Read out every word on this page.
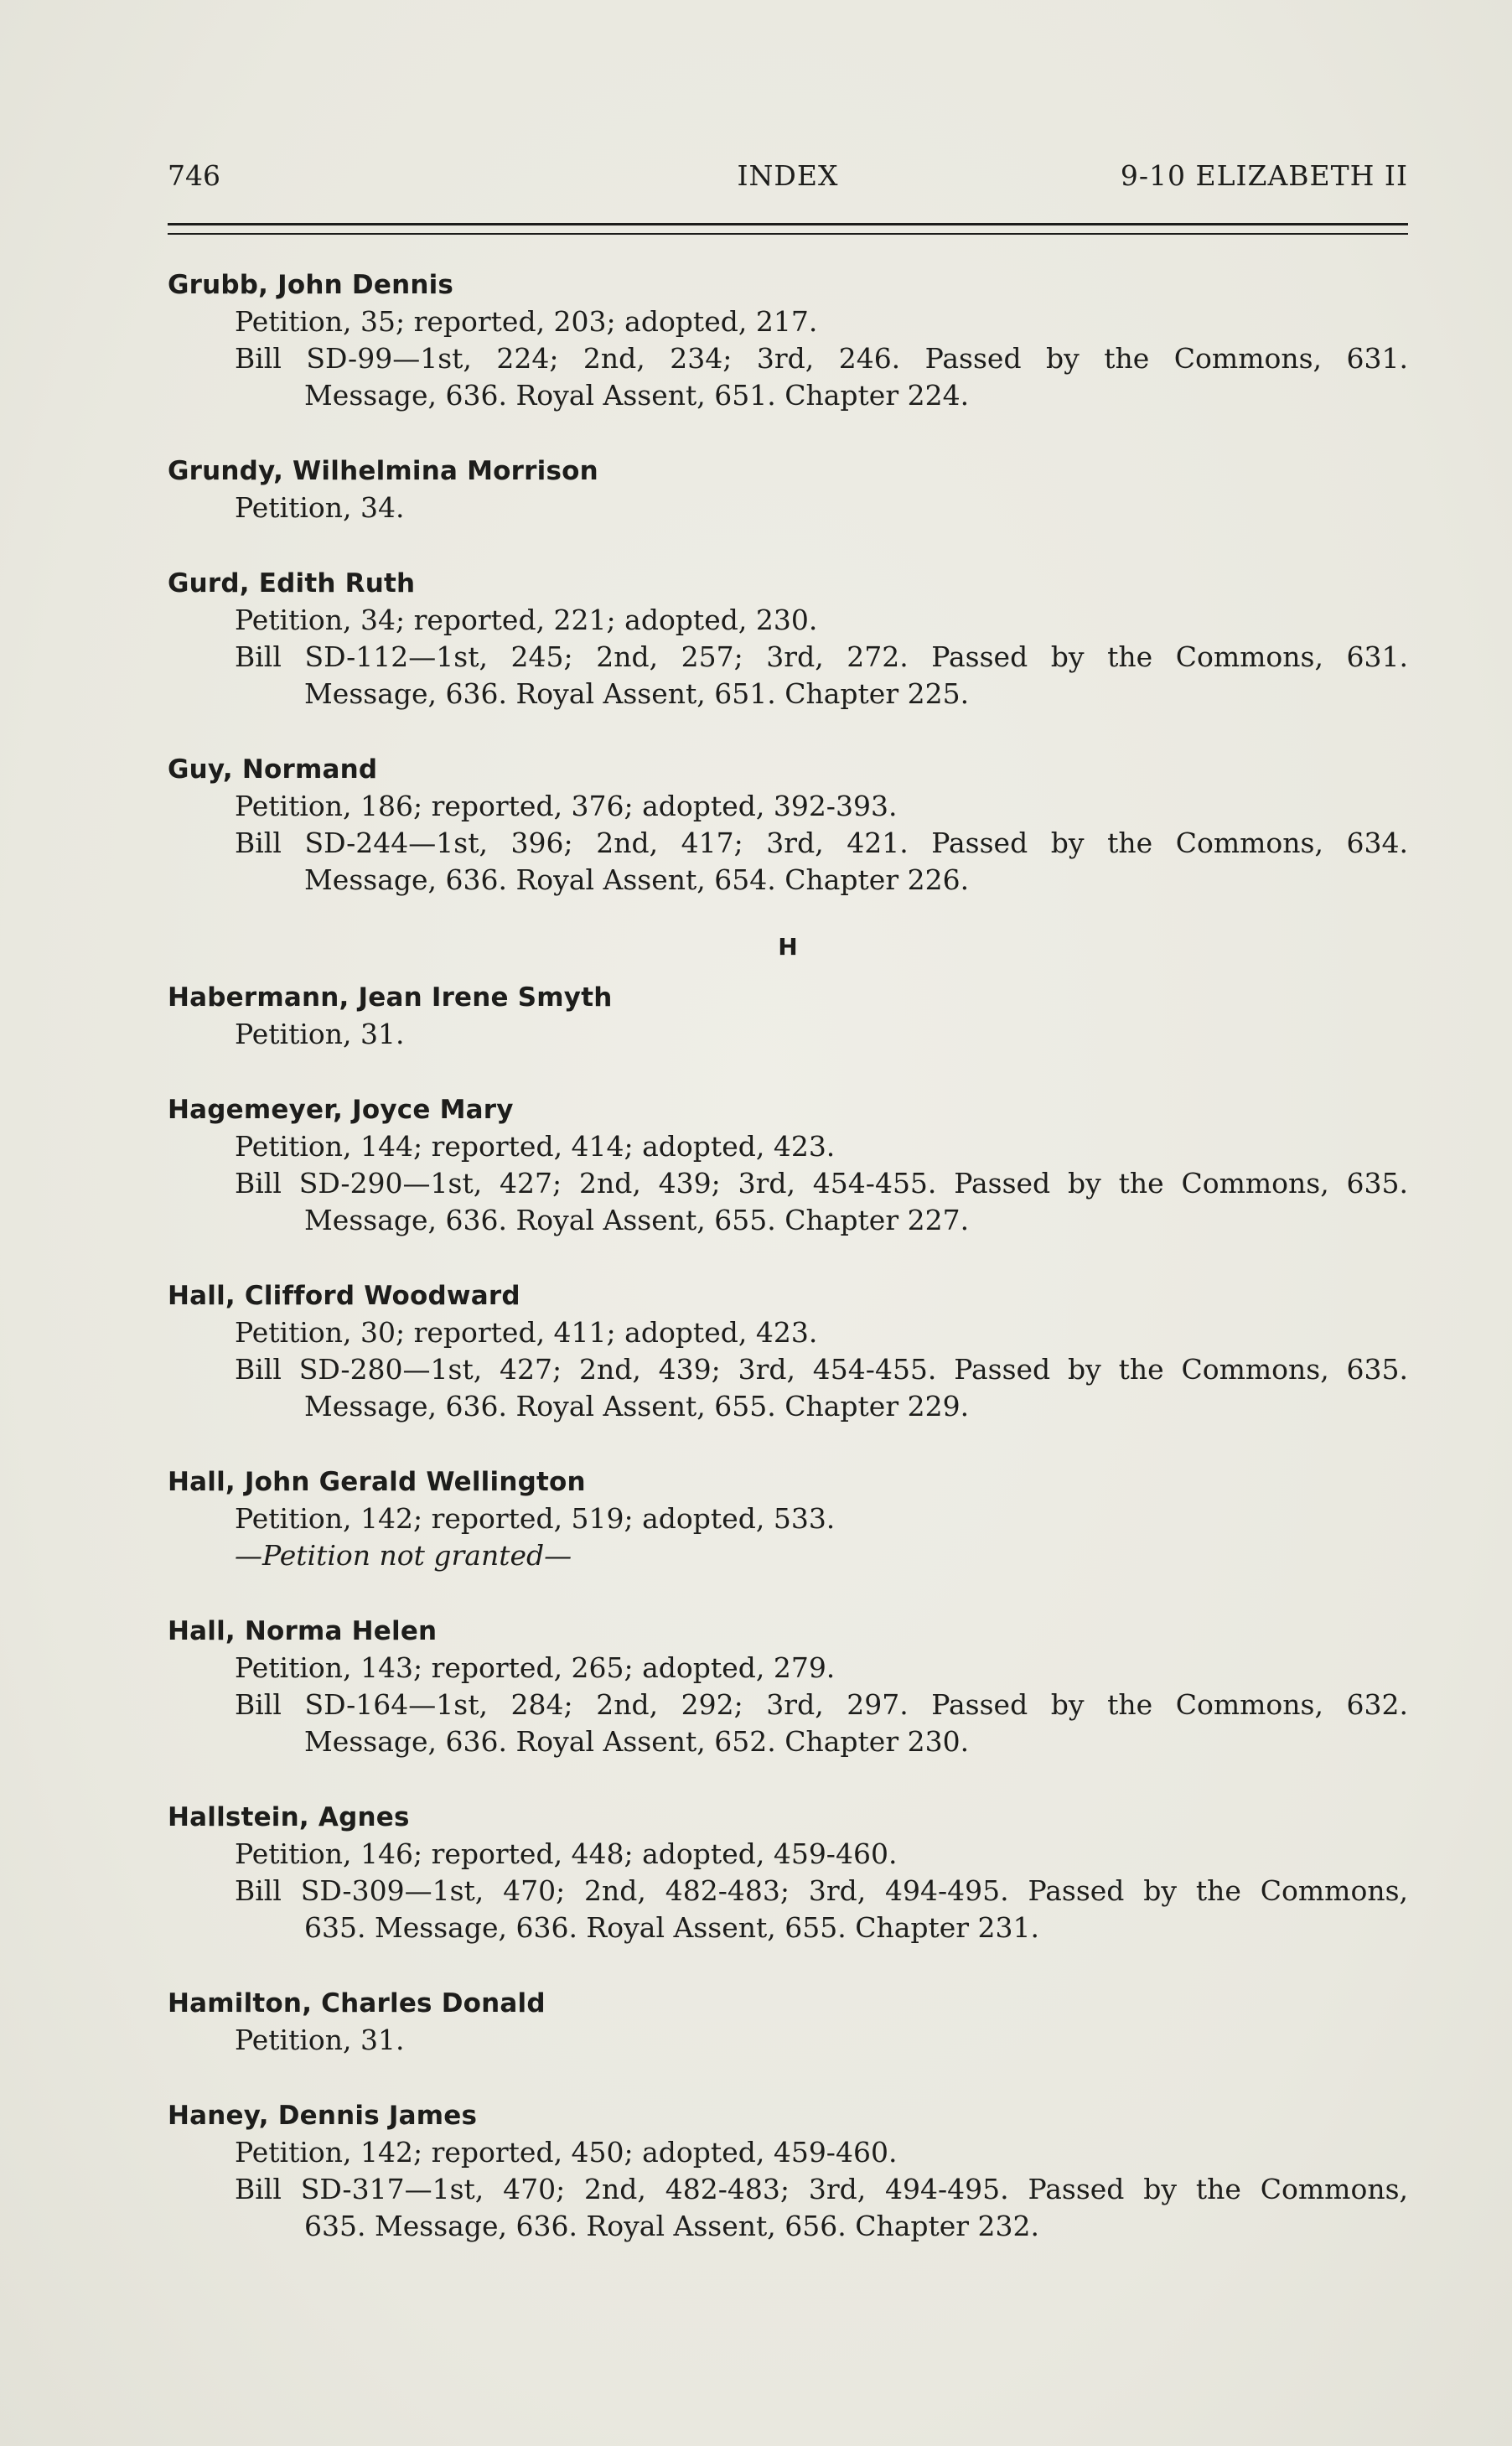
746	INDEX	9-10 ELIZABETH II
Grubb, John Dennis
Petition, 35; reported, 203; adopted, 217.
Bill SD-99—1st, 224; 2nd, 234; 3rd, 246. Passed by the Commons, 631.
Message, 636. Royal Assent, 651. Chapter 224.
Grundy, Wilhelmina Morrison
Petition, 34.
Gurd, Edith Ruth
Petition, 34; reported, 221; adopted, 230.
Bill SD-112—1st, 245; 2nd, 257; 3rd, 272. Passed by the Commons, 631.
Message, 636. Royal Assent, 651. Chapter 225.
Guy, Normand
Petition, 186; reported, 376; adopted, 392-393.
Bill SD-244—1st, 396; 2nd, 417; 3rd, 421. Passed by the Commons, 634.
Message, 636. Royal Assent, 654. Chapter 226.
H
Habermann, Jean Irene Smyth
Petition, 31.
Hagemeyer, Joyce Mary
Petition, 144; reported, 414; adopted, 423.
Bill SD-290—1st, 427; 2nd, 439; 3rd, 454-455. Passed by the Commons, 635.
Message, 636. Royal Assent, 655. Chapter 227.
Hall, Clifford Woodward
Petition, 30; reported, 411; adopted, 423.
Bill SD-280—1st, 427; 2nd, 439; 3rd, 454-455. Passed by the Commons, 635.
Message, 636. Royal Assent, 655. Chapter 229.
Hall, John Gerald Wellington
Petition, 142; reported, 519; adopted, 533.
—Petition not granted—
Hall, Norma Helen
Petition, 143; reported, 265; adopted, 279.
Bill SD-164—1st, 284; 2nd, 292; 3rd, 297. Passed by the Commons, 632.
Message, 636. Royal Assent, 652. Chapter 230.
Hallstein, Agnes
Petition, 146; reported, 448; adopted, 459-460.
Bill SD-309—1st, 470; 2nd, 482-483; 3rd, 494-495. Passed by the Commons,
635. Message, 636. Royal Assent, 655. Chapter 231.
Hamilton, Charles Donald
Petition, 31.
Haney, Dennis James
Petition, 142; reported, 450; adopted, 459-460.
Bill SD-317—1st, 470; 2nd, 482-483; 3rd, 494-495. Passed by the Commons,
635. Message, 636. Royal Assent, 656. Chapter 232.
